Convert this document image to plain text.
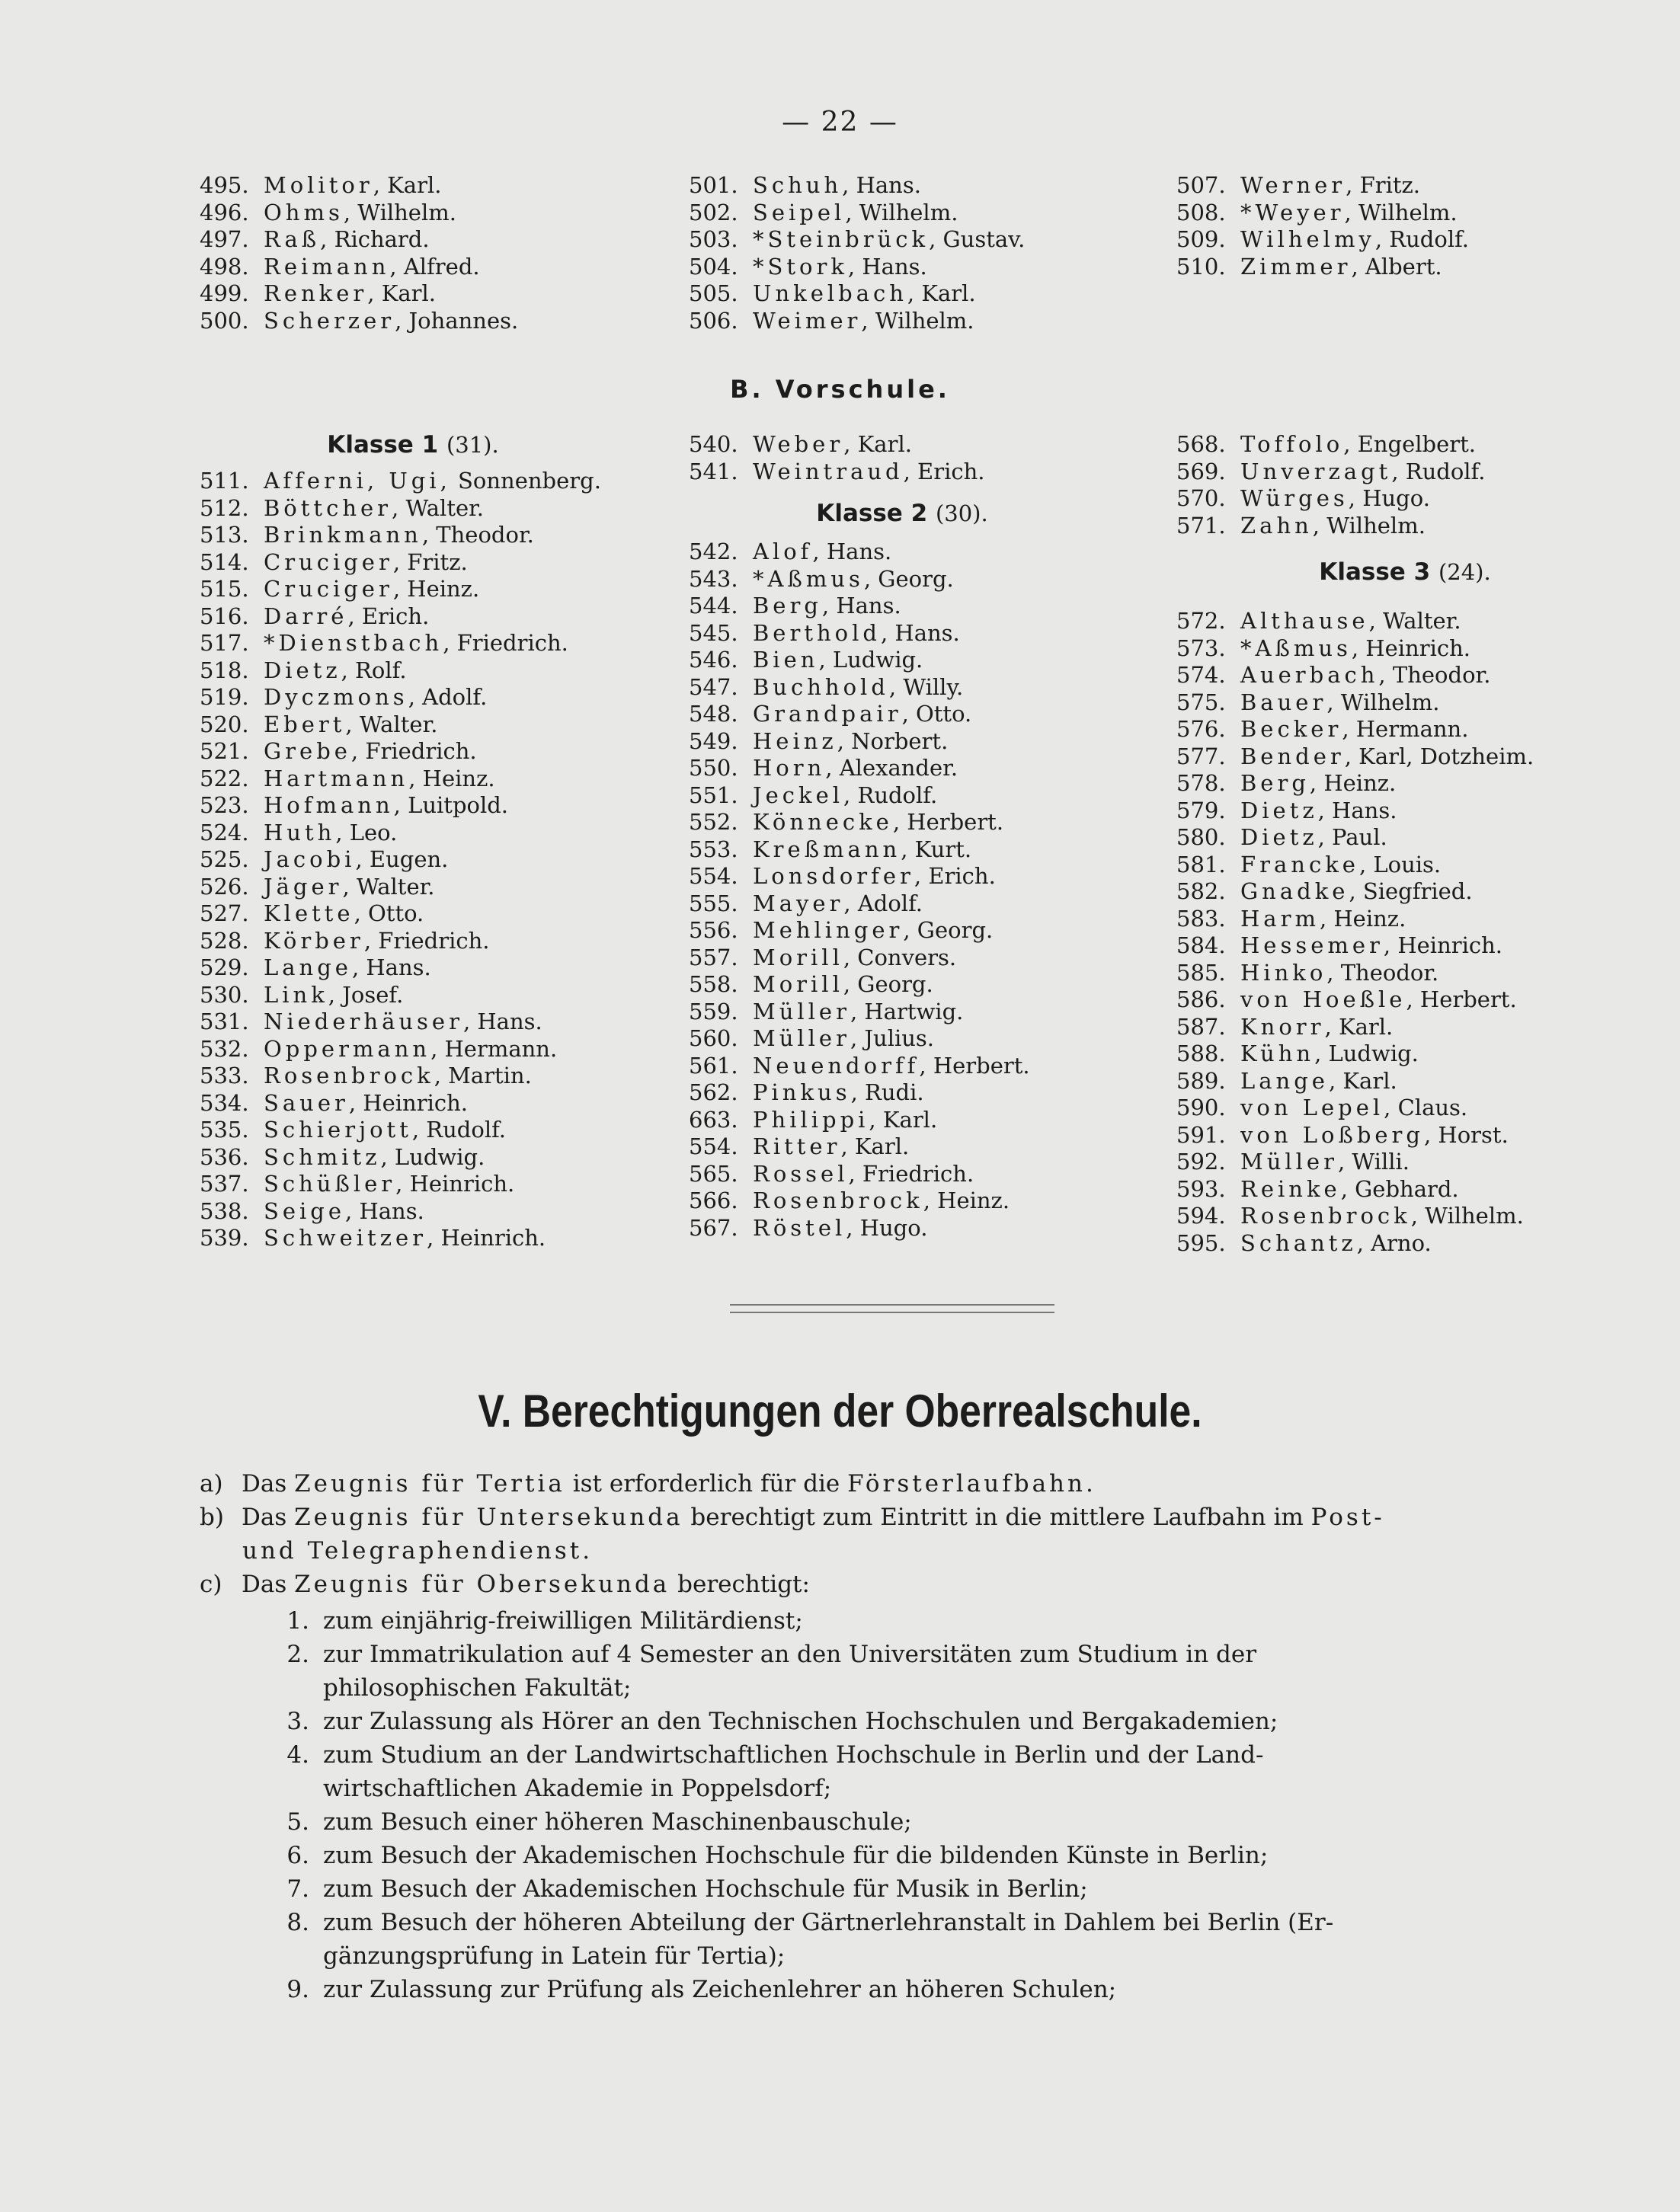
— 22 —
495. Molitor, Karl.
496. Ohms, Wilhelm.
497. Raß, Richard.
498. Reimann, Alfred.
499. Renker, Karl.
500. Scherzer, Johannes.
501. Schuh, Hans.
502. Seipel, Wilhelm.
503. *Steinbrück, Gustav.
504. *Stork, Hans.
505. Unkelbach, Karl.
506. Weimer, Wilhelm.
507. Werner, Fritz.
508. *Weyer, Wilhelm.
509. Wilhelmy, Rudolf.
510. Zimmer, Albert.
B. Vorschule.
Klasse 1 (31).
511. Afferni, Ugi, Sonnenberg.
512. Böttcher, Walter.
513. Brinkmann, Theodor.
514. Cruciger, Fritz.
515. Cruciger, Heinz.
516. Darré, Erich.
517. *Dienstbach, Friedrich.
518. Dietz, Rolf.
519. Dyczmons, Adolf.
520. Ebert, Walter.
521. Grebe, Friedrich.
522. Hartmann, Heinz.
523. Hofmann, Luitpold.
524. Huth, Leo.
525. Jacobi, Eugen.
526. Jäger, Walter.
527. Klette, Otto.
528. Körber, Friedrich.
529. Lange, Hans.
530. Link, Josef.
531. Niederhäuser, Hans.
532. Oppermann, Hermann.
533. Rosenbrock, Martin.
534. Sauer, Heinrich.
535. Schierjott, Rudolf.
536. Schmitz, Ludwig.
537. Schüßler, Heinrich.
538. Seige, Hans.
539. Schweitzer, Heinrich.
540. Weber, Karl.
541. Weintraud, Erich.
Klasse 2 (30).
542. Alof, Hans.
543. *Aßmus, Georg.
544. Berg, Hans.
545. Berthold, Hans.
546. Bien, Ludwig.
547. Buchhold, Willy.
548. Grandpair, Otto.
549. Heinz, Norbert.
550. Horn, Alexander.
551. Jeckel, Rudolf.
552. Könnecke, Herbert.
553. Kreßmann, Kurt.
554. Lonsdorfer, Erich.
555. Mayer, Adolf.
556. Mehlinger, Georg.
557. Morill, Convers.
558. Morill, Georg.
559. Müller, Hartwig.
560. Müller, Julius.
561. Neuendorff, Herbert.
562. Pinkus, Rudi.
663. Philippi, Karl.
554. Ritter, Karl.
565. Rossel, Friedrich.
566. Rosenbrock, Heinz.
567. Röstel, Hugo.
568. Toffolo, Engelbert.
569. Unverzagt, Rudolf.
570. Würges, Hugo.
571. Zahn, Wilhelm.
Klasse 3 (24).
572. Althause, Walter.
573. *Aßmus, Heinrich.
574. Auerbach, Theodor.
575. Bauer, Wilhelm.
576. Becker, Hermann.
577. Bender, Karl, Dotzheim.
578. Berg, Heinz.
579. Dietz, Hans.
580. Dietz, Paul.
581. Francke, Louis.
582. Gnadke, Siegfried.
583. Harm, Heinz.
584. Hessemer, Heinrich.
585. Hinko, Theodor.
586. von Hoeßle, Herbert.
587. Knorr, Karl.
588. Kühn, Ludwig.
589. Lange, Karl.
590. von Lepel, Claus.
591. von Loßberg, Horst.
592. Müller, Willi.
593. Reinke, Gebhard.
594. Rosenbrock, Wilhelm.
595. Schantz, Arno.
V. Berechtigungen der Oberrealschule.
a) Das Zeugnis für Tertia ist erforderlich für die Försterlaufbahn.
b) Das Zeugnis für Untersekunda berechtigt zum Eintritt in die mittlere Laufbahn im Post-
und Telegraphendienst.
c) Das Zeugnis für Obersekunda berechtigt:
1. zum einjährig-freiwilligen Militärdienst;
2. zur Immatrikulation auf 4 Semester an den Universitäten zum Studium in der
philosophischen Fakultät;
3. zur Zulassung als Hörer an den Technischen Hochschulen und Bergakademien;
4. zum Studium an der Landwirtschaftlichen Hochschule in Berlin und der Land-
wirtschaftlichen Akademie in Poppelsdorf;
5. zum Besuch einer höheren Maschinenbauschule;
6. zum Besuch der Akademischen Hochschule für die bildenden Künste in Berlin;
7. zum Besuch der Akademischen Hochschule für Musik in Berlin;
8. zum Besuch der höheren Abteilung der Gärtnerlehranstalt in Dahlem bei Berlin (Er-
gänzungsprüfung in Latein für Tertia);
9. zur Zulassung zur Prüfung als Zeichenlehrer an höheren Schulen;
